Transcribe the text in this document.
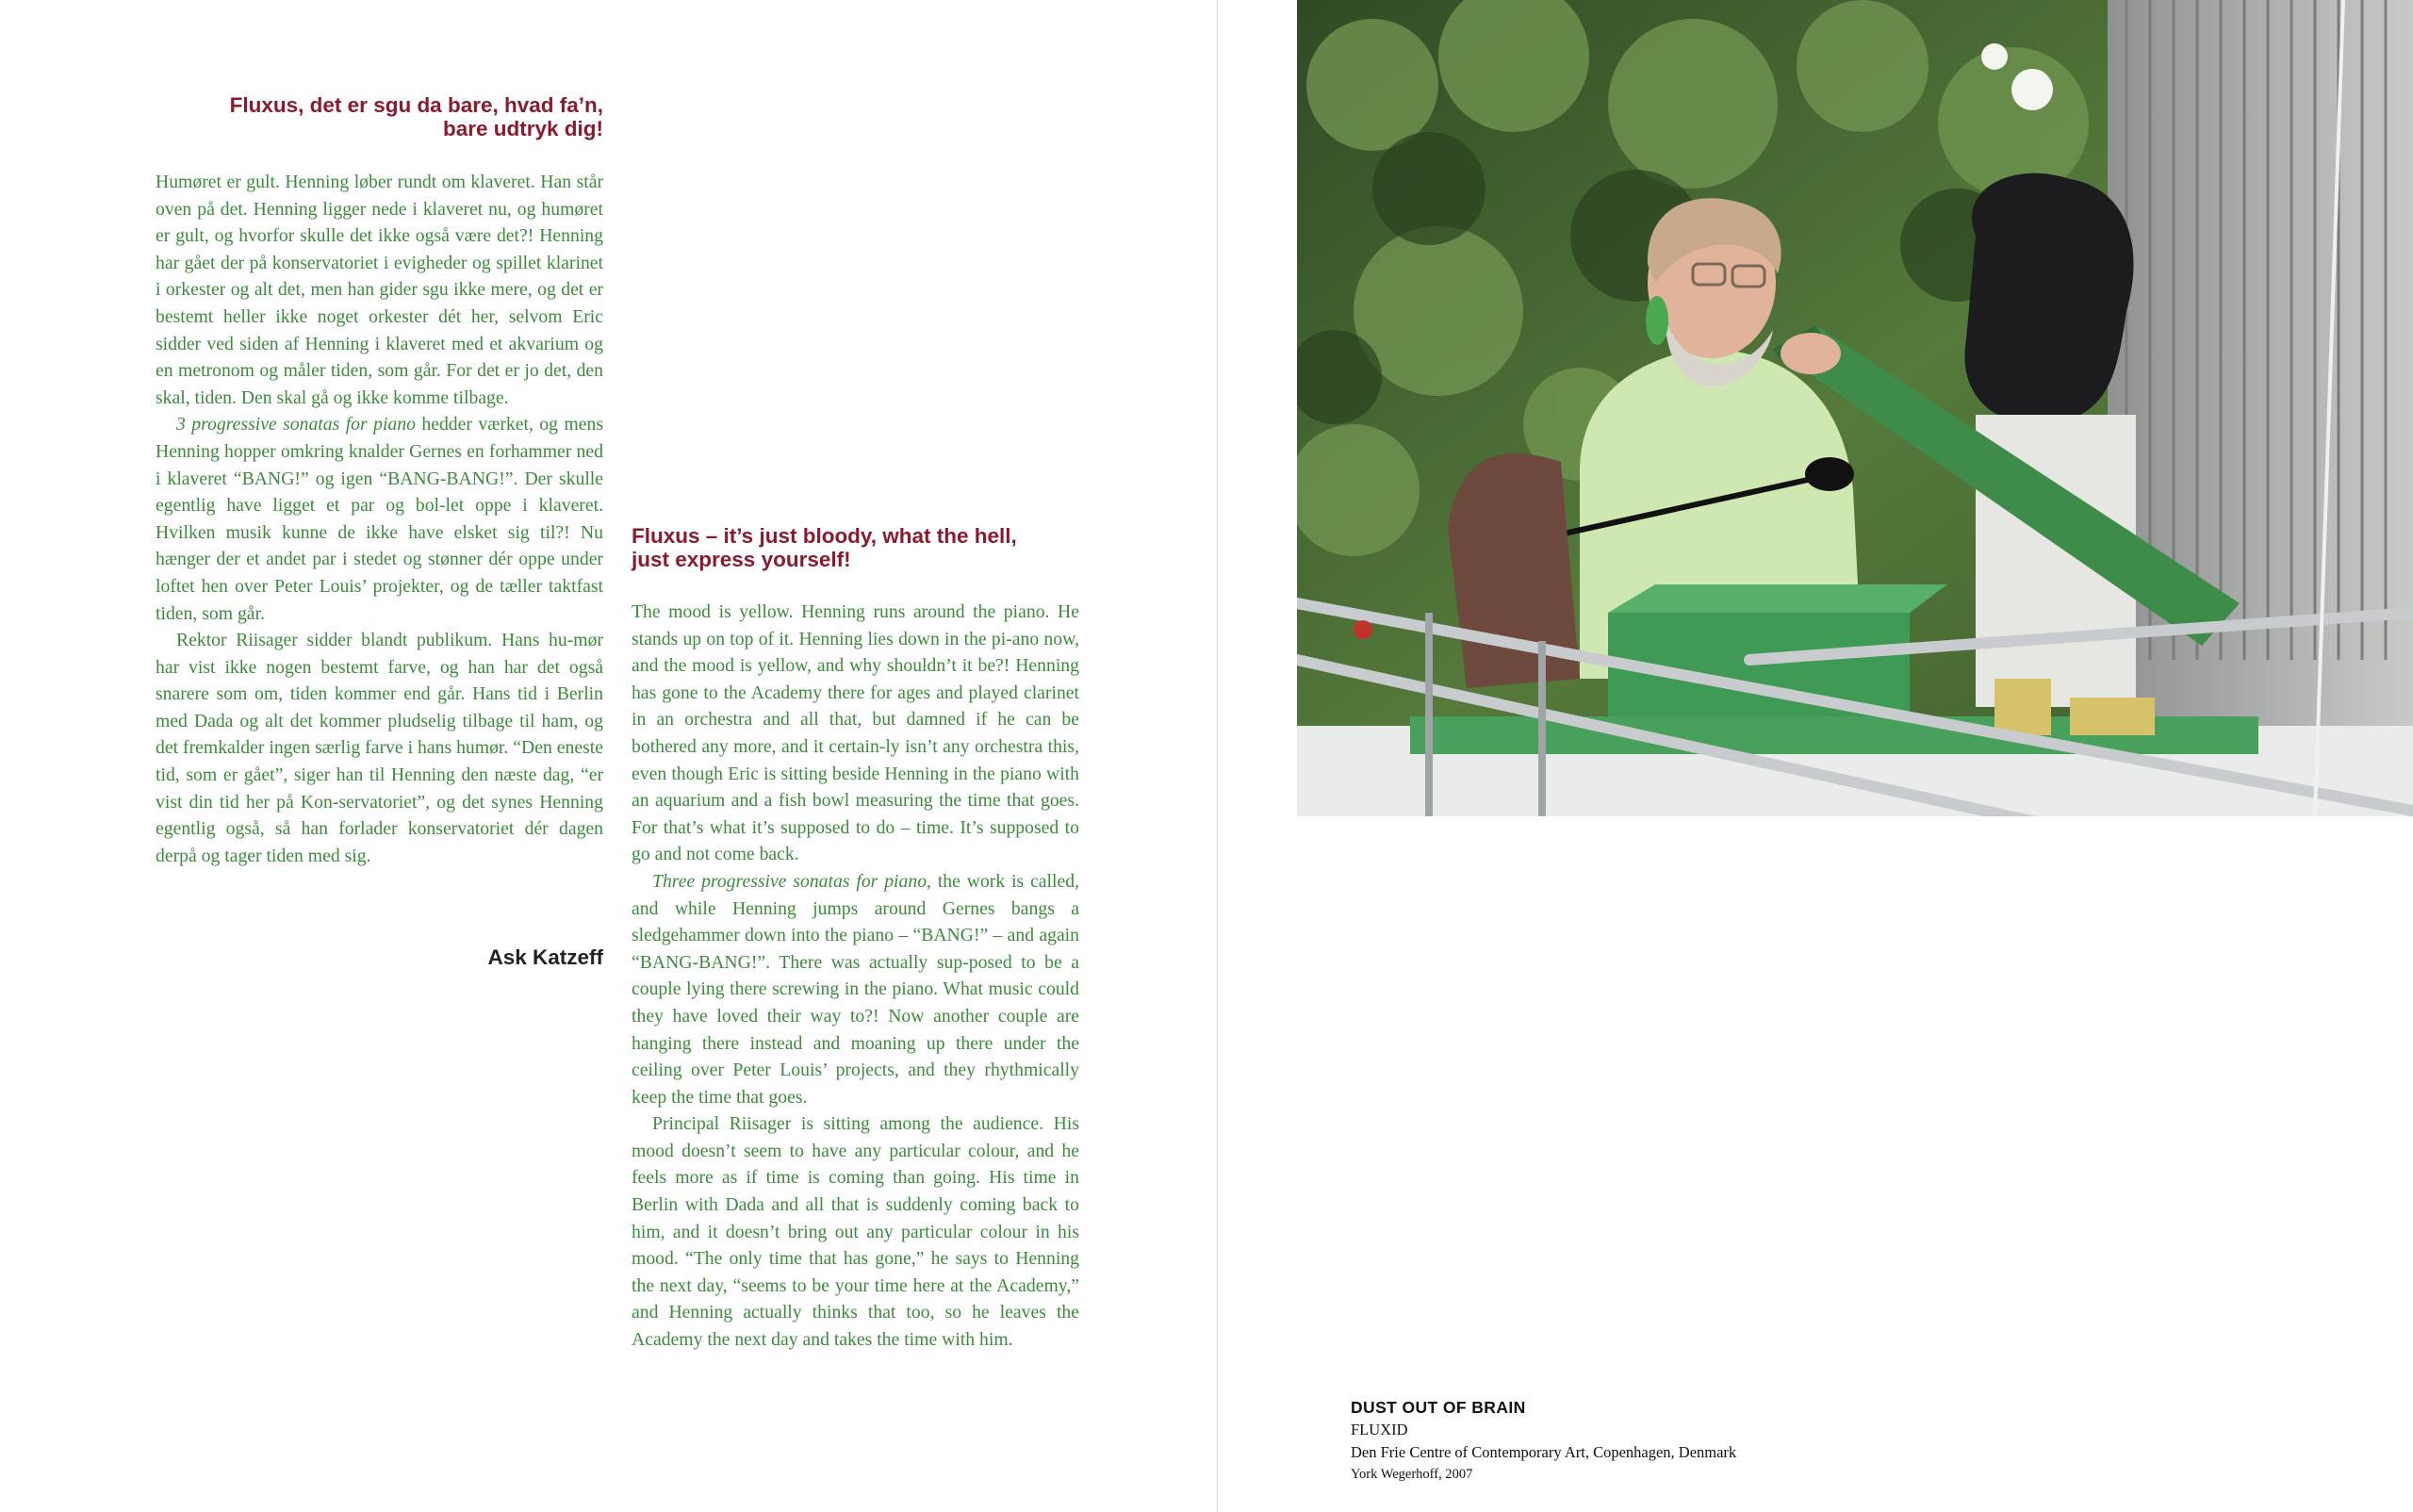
Fluxus, det er sgu da bare, hvad fa’n,
bare udtryk dig!

Humøret er gult. Henning løber rundt om klaveret. Han står oven på det. Henning ligger nede i klaveret nu, og humøret er gult, og hvorfor skulle det ikke også være det?! Henning har gået der på konservatoriet i evigheder og spillet klarinet i orkester og alt det, men han gider sgu ikke mere, og det er bestemt heller ikke noget orkester dét her, selvom Eric sidder ved siden af Henning i klaveret med et akvarium og en metronom og måler tiden, som går. For det er jo det, den skal, tiden. Den skal gå og ikke komme tilbage.

3 progressive sonatas for piano hedder værket, og mens Henning hopper omkring knalder Gernes en forhammer ned i klaveret “BANG!” og igen “BANG-BANG!”. Der skulle egentlig have ligget et par og bol-let oppe i klaveret. Hvilken musik kunne de ikke have elsket sig til?! Nu hænger der et andet par i stedet og stønner dér oppe under loftet hen over Peter Louis’ projekter, og de tæller taktfast tiden, som går.

Rektor Riisager sidder blandt publikum. Hans hu-mør har vist ikke nogen bestemt farve, og han har det også snarere som om, tiden kommer end går. Hans tid i Berlin med Dada og alt det kommer pludselig tilbage til ham, og det fremkalder ingen særlig farve i hans humør. “Den eneste tid, som er gået”, siger han til Henning den næste dag, “er vist din tid her på Kon-servatoriet”, og det synes Henning egentlig også, så han forlader konservatoriet dér dagen derpå og tager tiden med sig.

Ask Katzeff
Fluxus – it’s just bloody, what the hell,
just express yourself!

The mood is yellow. Henning runs around the piano. He stands up on top of it. Henning lies down in the pi-ano now, and the mood is yellow, and why shouldn’t it be?! Henning has gone to the Academy there for ages and played clarinet in an orchestra and all that, but damned if he can be bothered any more, and it certain-ly isn’t any orchestra this, even though Eric is sitting beside Henning in the piano with an aquarium and a fish bowl measuring the time that goes. For that’s what it’s supposed to do – time. It’s supposed to go and not come back.

Three progressive sonatas for piano, the work is called, and while Henning jumps around Gernes bangs a sledgehammer down into the piano – “BANG!” – and again “BANG-BANG!”. There was actually sup-posed to be a couple lying there screwing in the piano. What music could they have loved their way to?! Now another couple are hanging there instead and moaning up there under the ceiling over Peter Louis’ projects, and they rhythmically keep the time that goes.

Principal Riisager is sitting among the audience. His mood doesn’t seem to have any particular colour, and he feels more as if time is coming than going. His time in Berlin with Dada and all that is suddenly coming back to him, and it doesn’t bring out any particular colour in his mood. “The only time that has gone,” he says to Henning the next day, “seems to be your time here at the Academy,” and Henning actually thinks that too, so he leaves the Academy the next day and takes the time with him.

DUST OUT OF BRAIN
FLUXID
Den Frie Centre of Contemporary Art, Copenhagen, Denmark
York Wegerhoff, 2007
